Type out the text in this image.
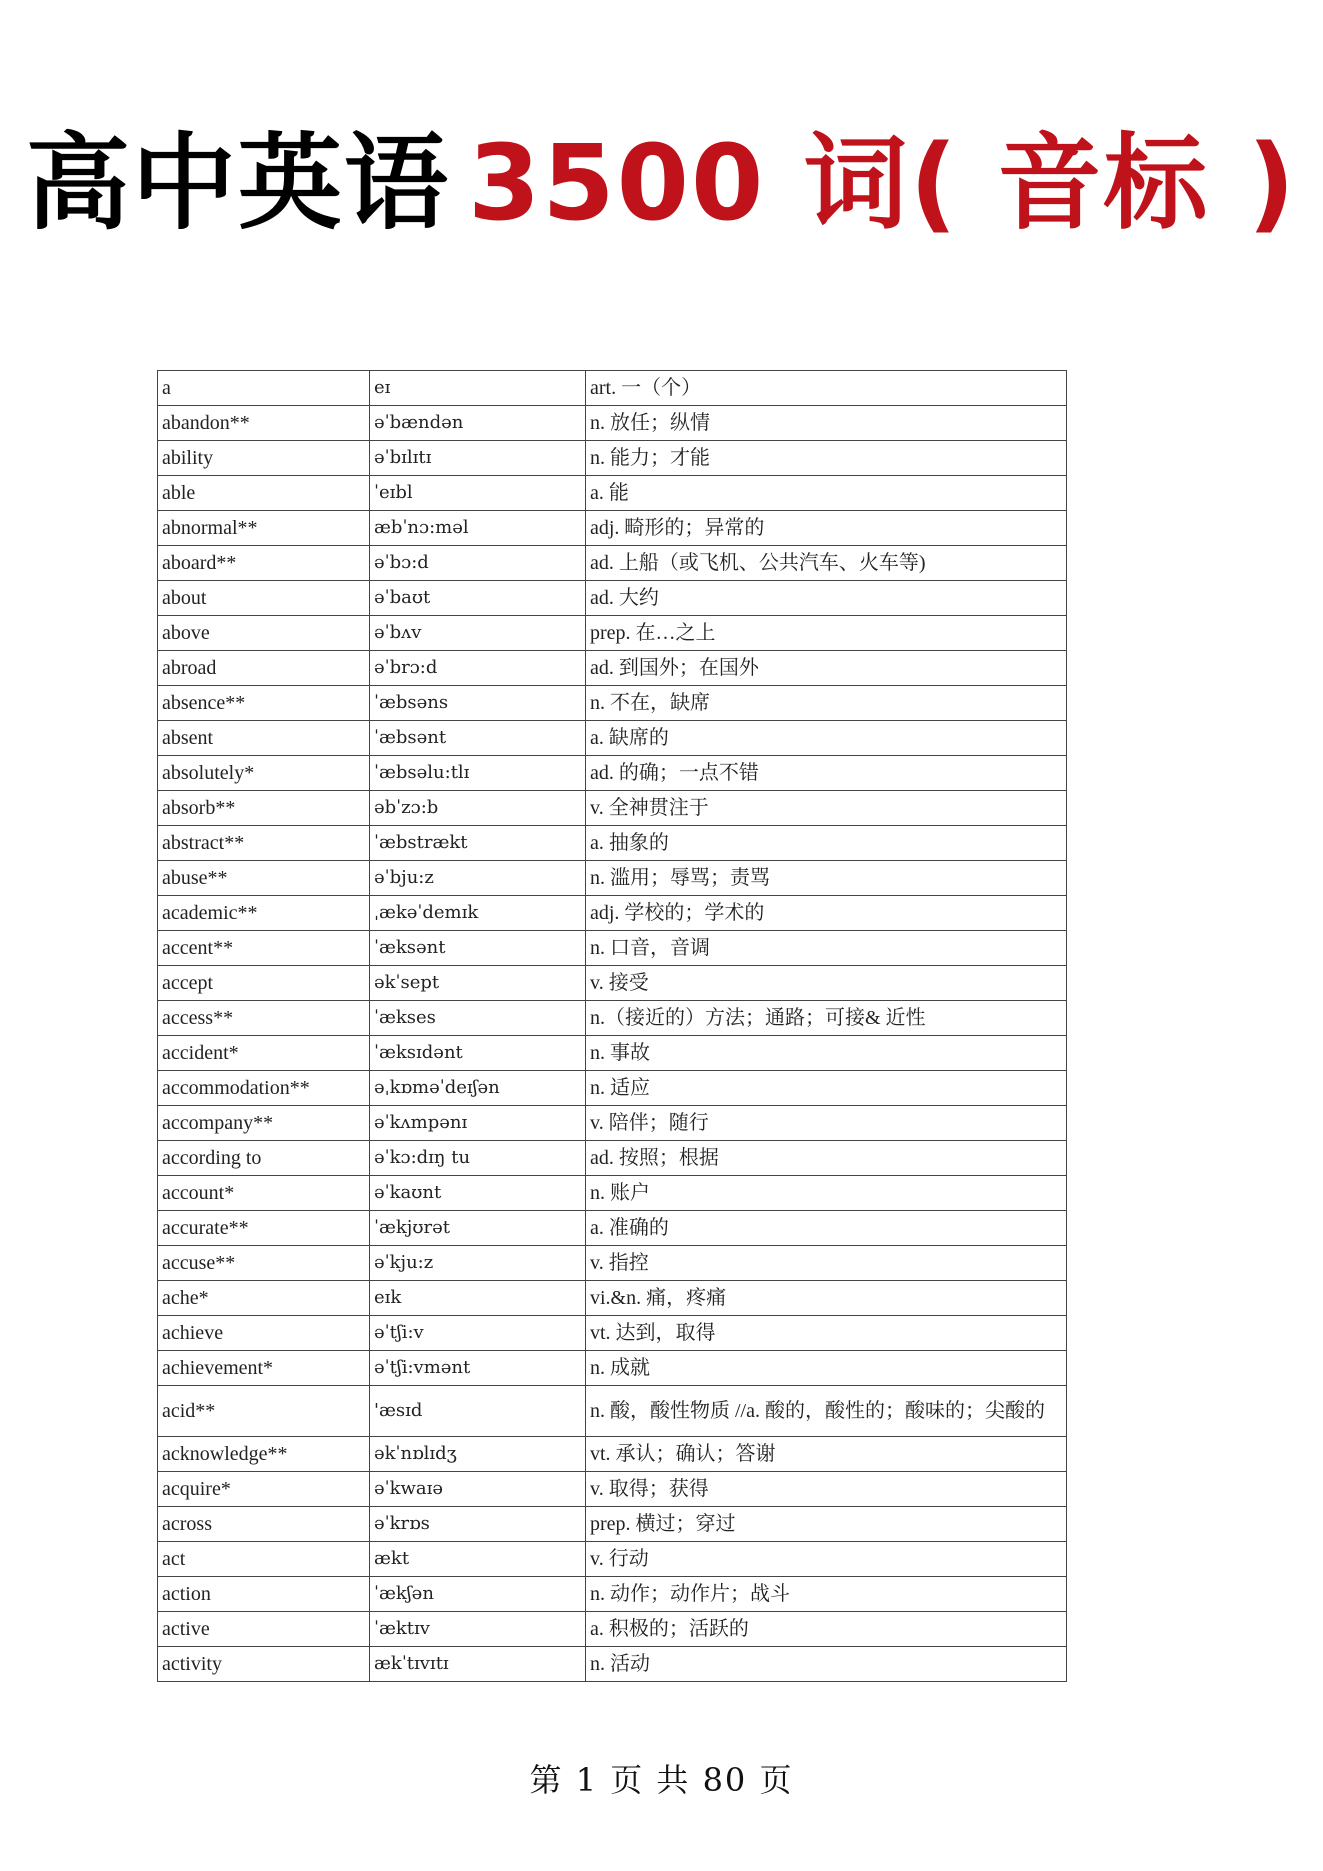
高中英语 3500 词( 音标 )
a	eɪ	art. 一（个）
abandon**	əˈbændən	n. 放任；纵情
ability	əˈbɪlɪtɪ	n. 能力；才能
able	ˈeɪbl	a. 能
abnormal**	æbˈnɔ:məl	adj. 畸形的；异常的
aboard**	əˈbɔ:d	ad. 上船（或飞机、公共汽车、火车等)
about	əˈbaʊt	ad. 大约
above	əˈbʌv	prep. 在…之上
abroad	əˈbrɔ:d	ad. 到国外；在国外
absence**	ˈæbsəns	n. 不在，缺席
absent	ˈæbsənt	a. 缺席的
absolutely*	ˈæbsəlu:tlɪ	ad. 的确；一点不错
absorb**	əbˈzɔ:b	v. 全神贯注于
abstract**	ˈæbstrækt	a. 抽象的
abuse**	əˈbju:z	n. 滥用；辱骂；责骂
academic**	ˌækəˈdemɪk	adj. 学校的；学术的
accent**	ˈæksənt	n. 口音，音调
accept	əkˈsept	v. 接受
access**	ˈækses	n.（接近的）方法；通路；可接& 近性
accident*	ˈæksɪdənt	n. 事故
accommodation**	əˌkɒməˈdeɪʃən	n. 适应
accompany**	əˈkʌmpənɪ	v. 陪伴；随行
according to	əˈkɔ:dɪŋ tu	ad. 按照；根据
account*	əˈkaʊnt	n. 账户
accurate**	ˈækjʊrət	a. 准确的
accuse**	əˈkju:z	v. 指控
ache*	eɪk	vi.&n. 痛，疼痛
achieve	əˈtʃi:v	vt. 达到，取得
achievement*	əˈtʃi:vmənt	n. 成就
acid**	'æsɪd	n. 酸，酸性物质 //a. 酸的，酸性的；酸味的；尖酸的
acknowledge**	əkˈnɒlɪdʒ	vt. 承认；确认；答谢
acquire*	əˈkwaɪə	v. 取得；获得
across	əˈkrɒs	prep. 横过；穿过
act	ækt	v. 行动
action	ˈækʃən	n. 动作；动作片；战斗
active	ˈæktɪv	a. 积极的；活跃的
activity	ækˈtɪvɪtɪ	n. 活动
第 1 页 共 80 页
